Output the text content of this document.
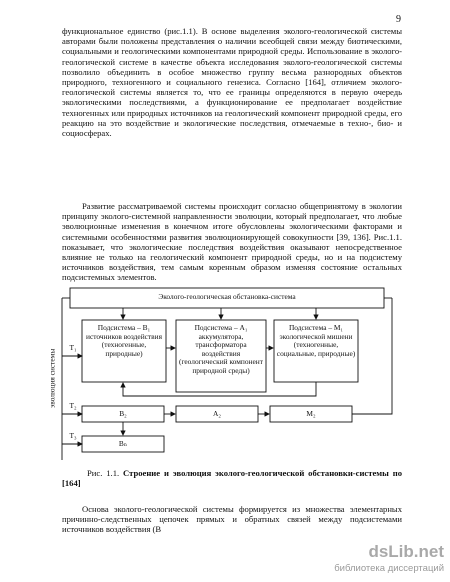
9

функциональное единство (рис.1.1). В основе выделения эколого-геологической системы авторами были положены представления о наличии всеобщей связи между биотическими, социальными и геологическими компонентами природной среды. Использование в эколого-геологической системе в качестве объекта исследования эколого-геологической системы позволило объединить в особое множество группу весьма разнородных объектов природного, техногенного и социального генезиса. Согласно [164], отличием эколого-геологической системы является то, что ее границы определяются в первую очередь экологическими последствиями, а функционирование ее предполагает воздействие техногенных или природных источников на геологический компонент природной среды, его реакцию на это воздействие и экологические последствия, отмечаемые в техно-, био- и социосферах.

Развитие рассматриваемой системы происходит согласно общепринятому в экологии принципу эколого-системной направленности эволюции, который предполагает, что любые эволюционные изменения в конечном итоге обусловлены экологическими факторами и системными особенностями развития эволюционирующей совокупности [39, 136]. Рис.1.1. показывает, что экологические последствия воздействия оказывают непосредственное влияние не только на геологический компонент природной среды, но и на подсистему источников воздействия, тем самым коренным образом изменяя состояние остальных подсистемных элементов.

Эколого-геологическая обстановка-система
Подсистема – B₁ источников воздействия (техногенные, природные)
Подсистема – A₁ аккумулятора, трансформатора воздействия (геологический компонент природной среды)
Подсистема – M₁ экологической мишени (техногенные, социальные, природные)
эволюция системы
T₁
T₂
T₃
B₂	A₂	M₂
Bₙ
Рис. 1.1. Строение и эволюция эколого-геологической обстановки-системы по [164]

Основа эколого-геологической системы формируется из множества элементарных причинно-следственных цепочек прямых и обратных связей между подсистемами источников воздействия (В

dsLib.net
библиотека диссертаций
